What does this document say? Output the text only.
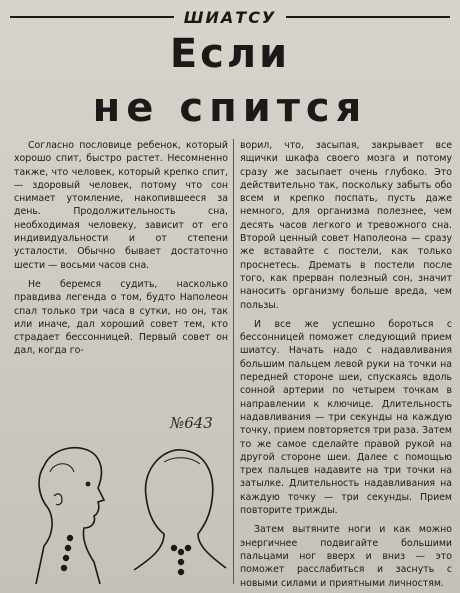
ШИАТСУ
Если
не спится

Согласно пословице ребенок, который хорошо спит, быстро растет. Несомненно также, что человек, который крепко спит, — здоровый человек, потому что сон снимает утомление, накопившееся за день. Продолжительность сна, необходимая человеку, зависит от его индивидуальности и от степени усталости. Обычно бывает достаточно шести — восьми часов сна.

Не беремся судить, насколько правдива легенда о том, будто Наполеон спал только три часа в сутки, но он, так или иначе, дал хороший совет тем, кто страдает бессонницей. Первый совет он дал, когда го-

ворил, что, засыпая, закрывает все ящички шкафа своего мозга и потому сразу же засыпает очень глубоко. Это действительно так, поскольку забыть обо всем и крепко поспать, пусть даже немного, для организма полезнее, чем десять часов легкого и тревожного сна. Второй ценный совет Наполеона — сразу же вставайте с постели, как только проснетесь. Дремать в постели после того, как прерван полезный сон, значит наносить организму больше вреда, чем пользы.

И все же успешно бороться с бессонницей поможет следующий прием шиатсу. Начать надо с надавливания большим пальцем левой руки на точки на передней стороне шеи, спускаясь вдоль сонной артерии по четырем точкам в направлении к ключице. Длительность надавливания — три секунды на каждую точку, прием повторяется три раза. Затем то же самое сделайте правой рукой на другой стороне шеи. Далее с помощью трех пальцев надавите на три точки на затылке. Длительность надавливания на каждую точку — три секунды. Прием повторите трижды.

Затем вытяните ноги и как можно энергичнее подвигайте большими пальцами ног вверх и вниз — это поможет расслабиться и заснуть с новыми силами и приятными личностям.

№643
